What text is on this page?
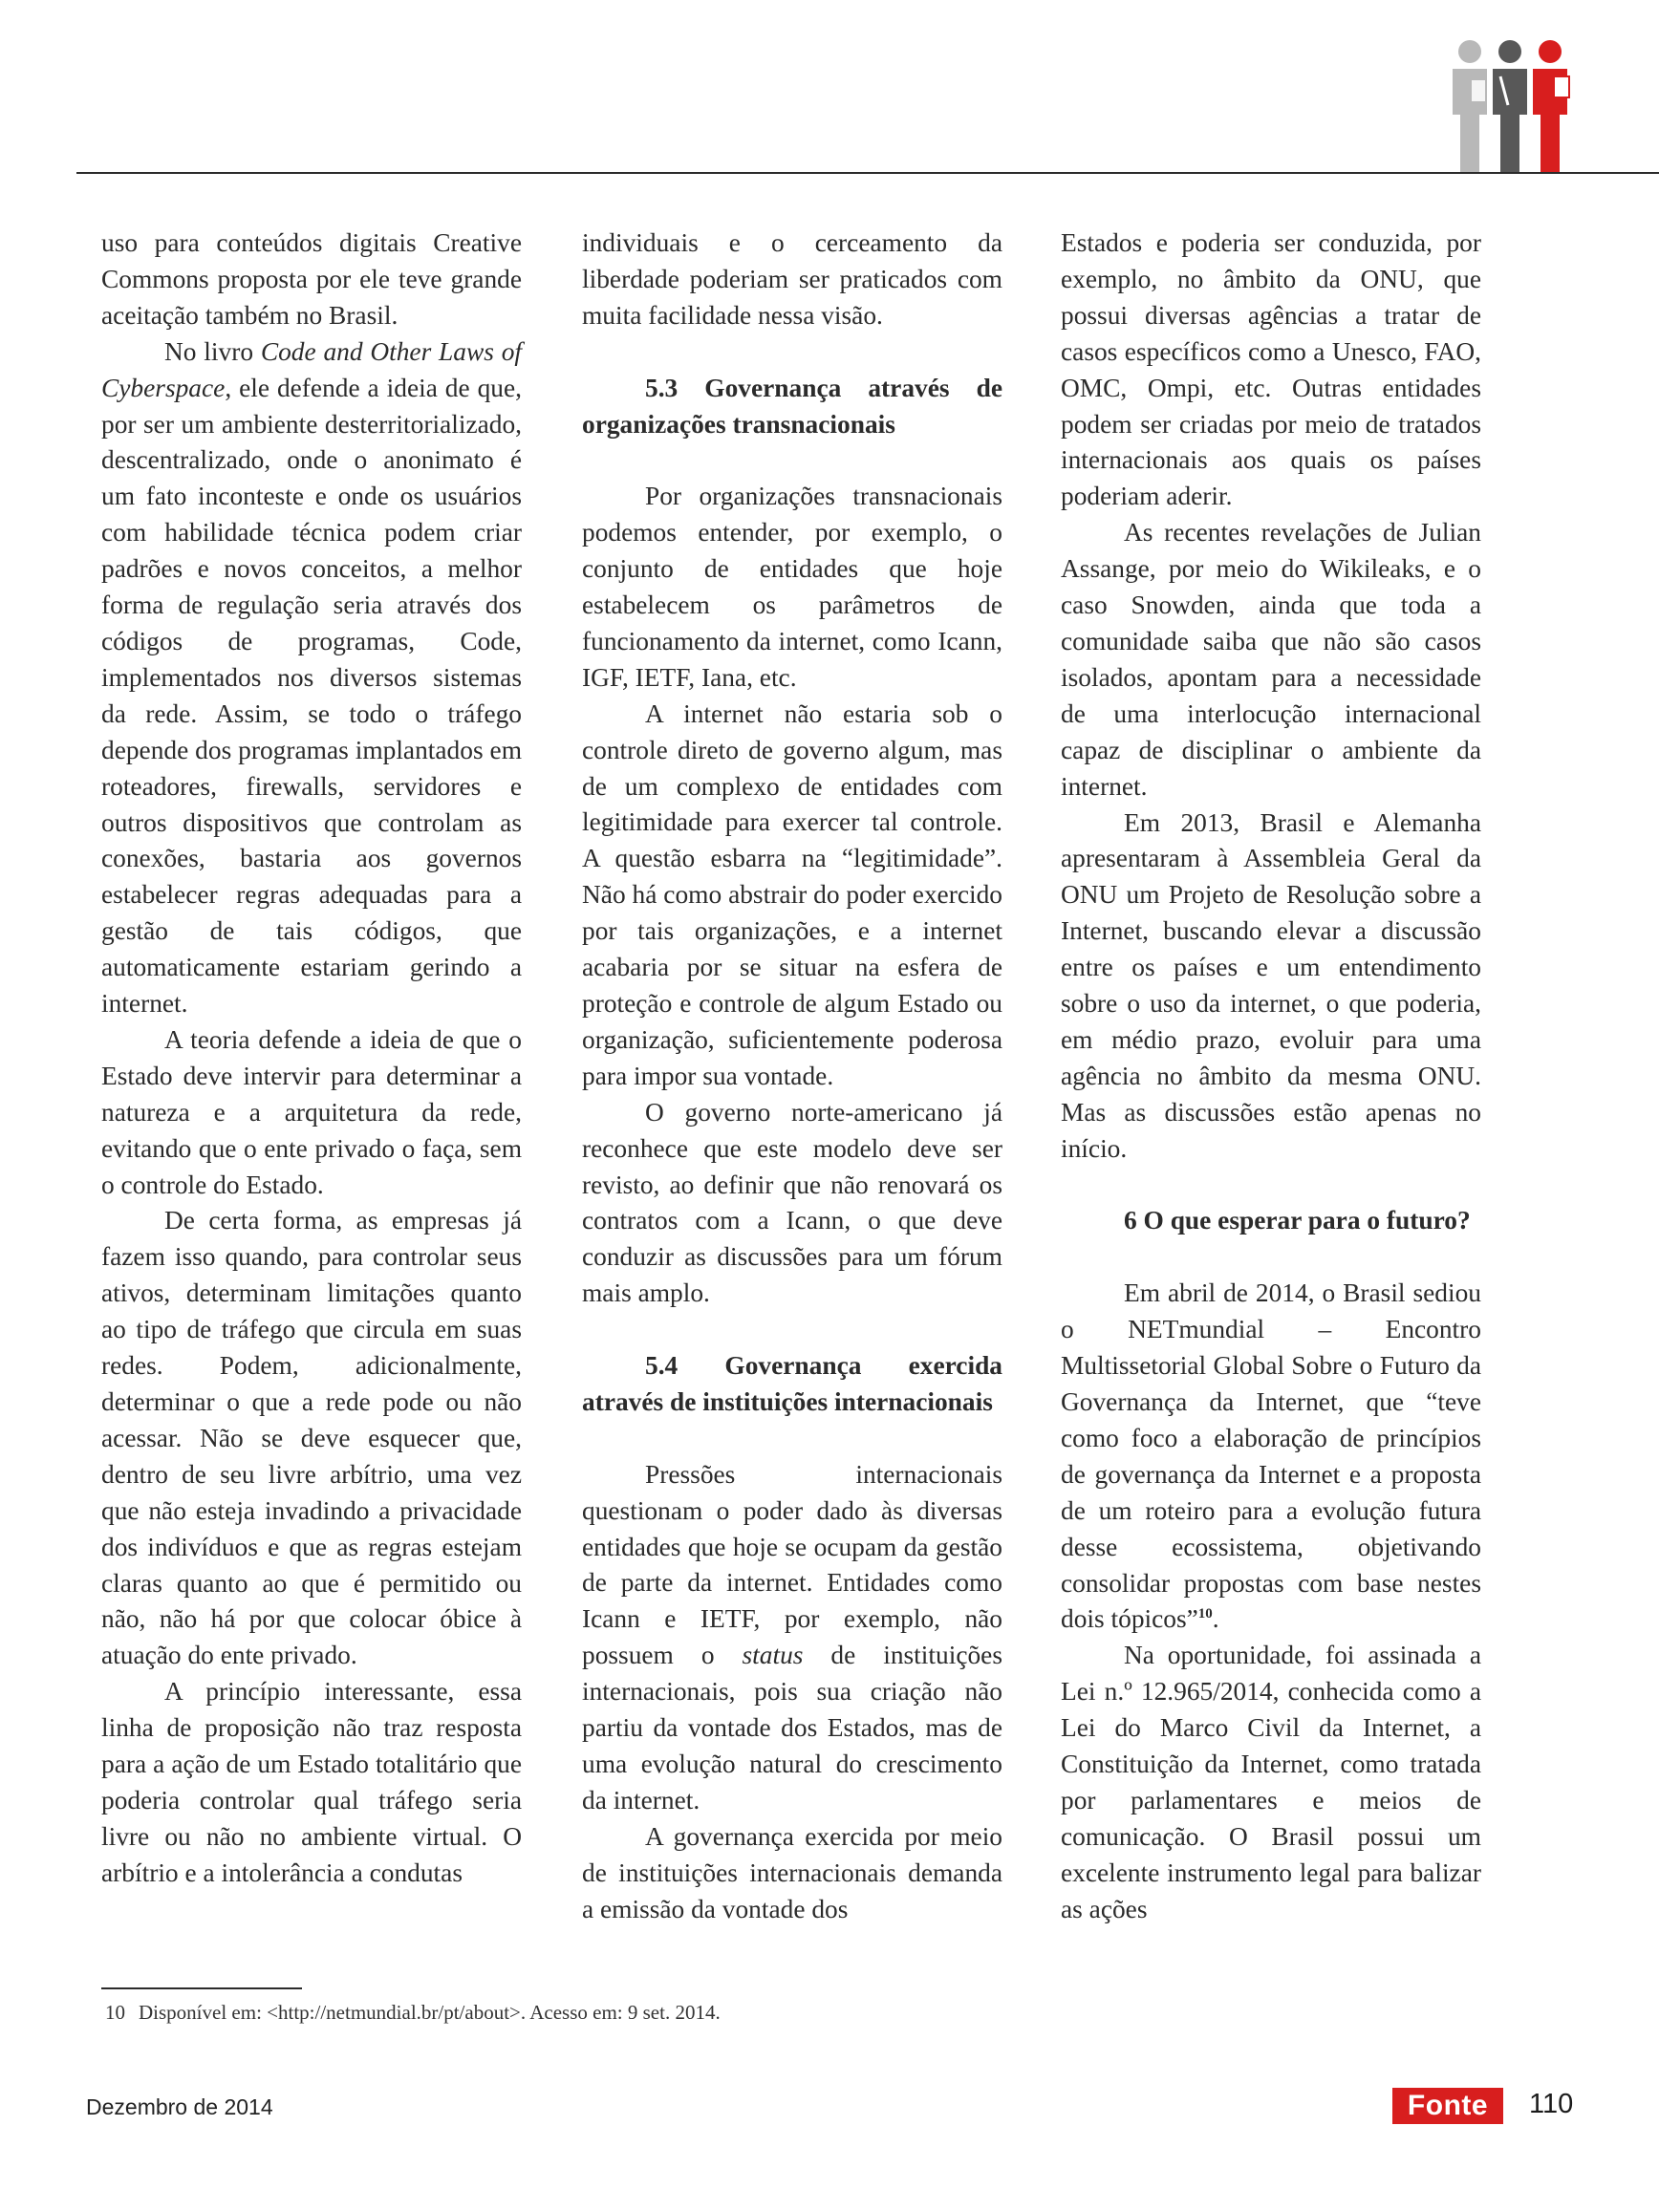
uso para conteúdos digitais Creative Commons proposta por ele teve grande aceitação também no Brasil.

No livro Code and Other Laws of Cyberspace, ele defende a ideia de que, por ser um ambiente desterritorializado, descentralizado, onde o anonimato é um fato inconteste e onde os usuários com habilidade técnica podem criar padrões e novos conceitos, a melhor forma de regulação seria através dos códigos de programas, Code, implementados nos diversos sistemas da rede. Assim, se todo o tráfego depende dos programas implantados em roteadores, firewalls, servidores e outros dispositivos que controlam as conexões, bastaria aos governos estabelecer regras adequadas para a gestão de tais códigos, que automaticamente estariam gerindo a internet.

A teoria defende a ideia de que o Estado deve intervir para determinar a natureza e a arquitetura da rede, evitando que o ente privado o faça, sem o controle do Estado.

De certa forma, as empresas já fazem isso quando, para controlar seus ativos, determinam limitações quanto ao tipo de tráfego que circula em suas redes. Podem, adicionalmente, determinar o que a rede pode ou não acessar. Não se deve esquecer que, dentro de seu livre arbítrio, uma vez que não esteja invadindo a privacidade dos indivíduos e que as regras estejam claras quanto ao que é permitido ou não, não há por que colocar óbice à atuação do ente privado.

A princípio interessante, essa linha de proposição não traz resposta para a ação de um Estado totalitário que poderia controlar qual tráfego seria livre ou não no ambiente virtual. O arbítrio e a intolerância a condutas

individuais e o cerceamento da liberdade poderiam ser praticados com muita facilidade nessa visão.

5.3 Governança através de organizações transnacionais

Por organizações transnacionais podemos entender, por exemplo, o conjunto de entidades que hoje estabelecem os parâmetros de funcionamento da internet, como Icann, IGF, IETF, Iana, etc.

A internet não estaria sob o controle direto de governo algum, mas de um complexo de entidades com legitimidade para exercer tal controle. A questão esbarra na “legitimidade”. Não há como abstrair do poder exercido por tais organizações, e a internet acabaria por se situar na esfera de proteção e controle de algum Estado ou organização, suficientemente poderosa para impor sua vontade.

O governo norte-americano já reconhece que este modelo deve ser revisto, ao definir que não renovará os contratos com a Icann, o que deve conduzir as discussões para um fórum mais amplo.

5.4 Governança exercida através de instituições internacionais

Pressões internacionais questionam o poder dado às diversas entidades que hoje se ocupam da gestão de parte da internet. Entidades como Icann e IETF, por exemplo, não possuem o status de instituições internacionais, pois sua criação não partiu da vontade dos Estados, mas de uma evolução natural do crescimento da internet.

A governança exercida por meio de instituições internacionais demanda a emissão da vontade dos

Estados e poderia ser conduzida, por exemplo, no âmbito da ONU, que possui diversas agências a tratar de casos específicos como a Unesco, FAO, OMC, Ompi, etc. Outras entidades podem ser criadas por meio de tratados internacionais aos quais os países poderiam aderir.

As recentes revelações de Julian Assange, por meio do Wikileaks, e o caso Snowden, ainda que toda a comunidade saiba que não são casos isolados, apontam para a necessidade de uma interlocução internacional capaz de disciplinar o ambiente da internet.

Em 2013, Brasil e Alemanha apresentaram à Assembleia Geral da ONU um Projeto de Resolução sobre a Internet, buscando elevar a discussão entre os países e um entendimento sobre o uso da internet, o que poderia, em médio prazo, evoluir para uma agência no âmbito da mesma ONU. Mas as discussões estão apenas no início.

6 O que esperar para o futuro?

Em abril de 2014, o Brasil sediou o NETmundial – Encontro Multissetorial Global Sobre o Futuro da Governança da Internet, que “teve como foco a elaboração de princípios de governança da Internet e a proposta de um roteiro para a evolução futura desse ecossistema, objetivando consolidar propostas com base nestes dois tópicos”$^{10}$.

Na oportunidade, foi assinada a Lei n.º 12.965/2014, conhecida como a Lei do Marco Civil da Internet, a Constituição da Internet, como tratada por parlamentares e meios de comunicação. O Brasil possui um excelente instrumento legal para balizar as ações

10 Disponível em: <http://netmundial.br/pt/about>. Acesso em: 9 set. 2014.
Dezembro de 2014	Fonte	110
